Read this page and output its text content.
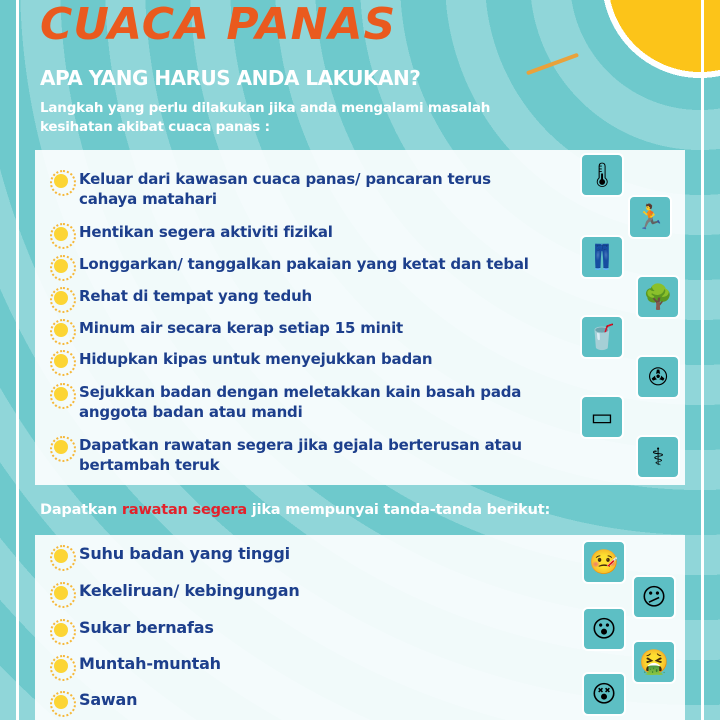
CUACA PANAS
APA YANG HARUS ANDA LAKUKAN?
Langkah yang perlu dilakukan jika anda mengalami masalah
kesihatan akibat cuaca panas :
Keluar dari kawasan cuaca panas/ pancaran terus cahaya matahari
Hentikan segera aktiviti fizikal
Longgarkan/ tanggalkan pakaian yang ketat dan tebal
Rehat di tempat yang teduh
Minum air secara kerap setiap 15 minit
Hidupkan kipas untuk menyejukkan badan
Sejukkan badan dengan meletakkan kain basah pada anggota badan atau mandi
Dapatkan rawatan segera jika gejala berterusan atau bertambah teruk
🌡
🏃
👖
🌳
🥤
✇
▭
⚕
Dapatkan rawatan segera jika mempunyai tanda-tanda berikut:
Suhu badan yang tinggi
Kekeliruan/ kebingungan
Sukar bernafas
Muntah-muntah
Sawan
🤒
😕
😮
🤮
😵
